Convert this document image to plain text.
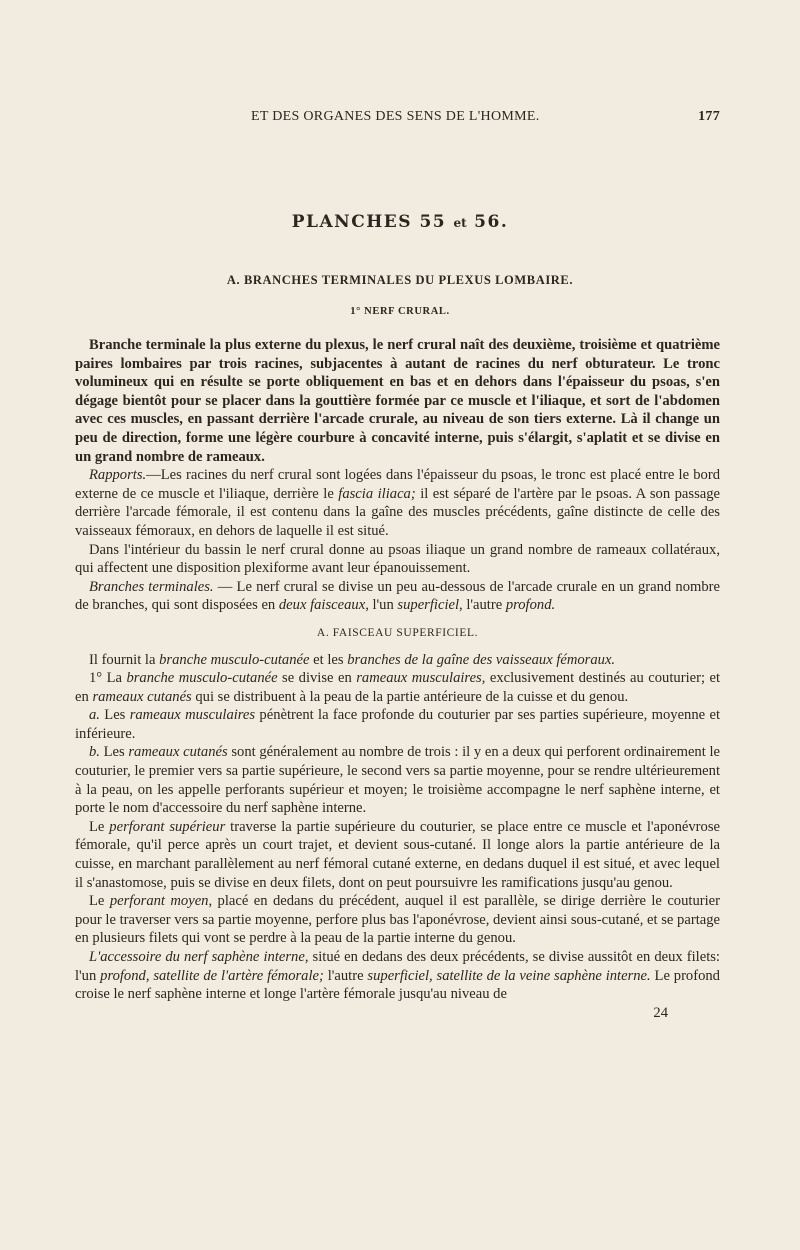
ET DES ORGANES DES SENS DE L'HOMME.	177
PLANCHES 55 et 56.
A. BRANCHES TERMINALES DU PLEXUS LOMBAIRE.
1° NERF CRURAL.

Branche terminale la plus externe du plexus, le nerf crural naît des deuxième, troisième et quatrième paires lombaires par trois racines, subjacentes à autant de racines du nerf obturateur. Le tronc volumineux qui en résulte se porte obliquement en bas et en dehors dans l'épaisseur du psoas, s'en dégage bientôt pour se placer dans la gouttière formée par ce muscle et l'iliaque, et sort de l'abdomen avec ces muscles, en passant derrière l'arcade crurale, au niveau de son tiers externe. Là il change un peu de direction, forme une légère courbure à concavité interne, puis s'élargit, s'aplatit et se divise en un grand nombre de rameaux.

Rapports.—Les racines du nerf crural sont logées dans l'épaisseur du psoas, le tronc est placé entre le bord externe de ce muscle et l'iliaque, derrière le fascia iliaca; il est séparé de l'artère par le psoas. A son passage derrière l'arcade fémorale, il est contenu dans la gaîne des muscles précédents, gaîne distincte de celle des vaisseaux fémoraux, en dehors de laquelle il est situé.

Dans l'intérieur du bassin le nerf crural donne au psoas iliaque un grand nombre de rameaux collatéraux, qui affectent une disposition plexiforme avant leur épanouissement.

Branches terminales. — Le nerf crural se divise un peu au-dessous de l'arcade crurale en un grand nombre de branches, qui sont disposées en deux faisceaux, l'un superficiel, l'autre profond.

A. FAISCEAU SUPERFICIEL.

Il fournit la branche musculo-cutanée et les branches de la gaîne des vaisseaux fémoraux.

1° La branche musculo-cutanée se divise en rameaux musculaires, exclusivement destinés au couturier; et en rameaux cutanés qui se distribuent à la peau de la partie antérieure de la cuisse et du genou.

a. Les rameaux musculaires pénètrent la face profonde du couturier par ses parties supérieure, moyenne et inférieure.

b. Les rameaux cutanés sont généralement au nombre de trois : il y en a deux qui perforent ordinairement le couturier, le premier vers sa partie supérieure, le second vers sa partie moyenne, pour se rendre ultérieurement à la peau, on les appelle perforants supérieur et moyen; le troisième accompagne le nerf saphène interne, et porte le nom d'accessoire du nerf saphène interne.

Le perforant supérieur traverse la partie supérieure du couturier, se place entre ce muscle et l'aponévrose fémorale, qu'il perce après un court trajet, et devient sous-cutané. Il longe alors la partie antérieure de la cuisse, en marchant parallèlement au nerf fémoral cutané externe, en dedans duquel il est situé, et avec lequel il s'anastomose, puis se divise en deux filets, dont on peut poursuivre les ramifications jusqu'au genou.

Le perforant moyen, placé en dedans du précédent, auquel il est parallèle, se dirige derrière le couturier pour le traverser vers sa partie moyenne, perfore plus bas l'aponévrose, devient ainsi sous-cutané, et se partage en plusieurs filets qui vont se perdre à la peau de la partie interne du genou.

L'accessoire du nerf saphène interne, situé en dedans des deux précédents, se divise aussitôt en deux filets: l'un profond, satellite de l'artère fémorale; l'autre superficiel, satellite de la veine saphène interne. Le profond croise le nerf saphène interne et longe l'artère fémorale jusqu'au niveau de

24
